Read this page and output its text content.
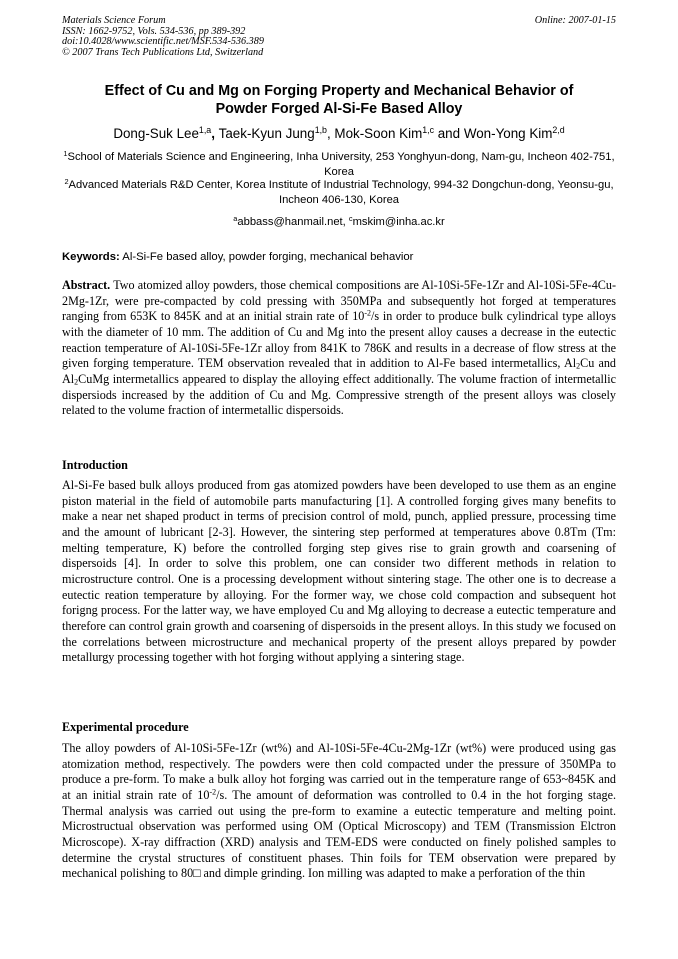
Materials Science Forum
ISSN: 1662-9752, Vols. 534-536, pp 389-392
doi:10.4028/www.scientific.net/MSF.534-536.389
© 2007 Trans Tech Publications Ltd, Switzerland
Online: 2007-01-15
Effect of Cu and Mg on Forging Property and Mechanical Behavior of
Powder Forged Al-Si-Fe Based Alloy
Dong-Suk Lee$^{1,a}$, Taek-Kyun Jung$^{1,b}$, Mok-Soon Kim$^{1,c}$ and Won-Yong Kim$^{2,d}$
$^1$School of Materials Science and Engineering, Inha University, 253 Yonghyun-dong, Nam-gu, Incheon 402-751, Korea
$^2$Advanced Materials R&D Center, Korea Institute of Industrial Technology, 994-32 Dongchun-dong, Yeonsu-gu, Incheon 406-130, Korea
$^a$abbass@hanmail.net, $^c$mskim@inha.ac.kr
Keywords: Al-Si-Fe based alloy, powder forging, mechanical behavior
Abstract. Two atomized alloy powders, those chemical compositions are Al-10Si-5Fe-1Zr and Al-10Si-5Fe-4Cu-2Mg-1Zr, were pre-compacted by cold pressing with 350MPa and subsequently hot forged at temperatures ranging from 653K to 845K and at an initial strain rate of $10^{-2}/s$ in order to produce bulk cylindrical type alloys with the diameter of 10 mm. The addition of Cu and Mg into the present alloy causes a decrease in the eutectic reaction temperature of Al-10Si-5Fe-1Zr alloy from 841K to 786K and results in a decrease of flow stress at the given forging temperature. TEM observation revealed that in addition to Al-Fe based intermetallics, $Al_2Cu$ and $Al_2CuMg$ intermetallics appeared to display the alloying effect additionally. The volume fraction of intermetallic dispersiods increased by the addition of Cu and Mg. Compressive strength of the present alloys was closely related to the volume fraction of intermetallic dispersoids.
Introduction
Al-Si-Fe based bulk alloys produced from gas atomized powders have been developed to use them as an engine piston material in the field of automobile parts manufacturing [1]. A controlled forging gives many benefits to make a near net shaped product in terms of precision control of mold, punch, applied pressure, processing time and the amount of lubricant [2-3]. However, the sintering step performed at temperatures above 0.8Tm (Tm: melting temperature, K) before the controlled forging step gives rise to grain growth and coarsening of dispersoids [4]. In order to solve this problem, one can consider two different methods in relation to microstructure control. One is a processing development without sintering stage. The other one is to decrease a eutectic reation temperature by alloying. For the former way, we chose cold compaction and subsequent hot forigng process. For the latter way, we have employed Cu and Mg alloying to decrease a eutectic temperature and therefore can control grain growth and coarsening of dispersoids in the present alloys. In this study we focused on the correlations between microstructure and mechanical property of the present alloys prepared by powder metallurgy processing together with hot forging without applying a sintering stage.
Experimental procedure
The alloy powders of Al-10Si-5Fe-1Zr (wt%) and Al-10Si-5Fe-4Cu-2Mg-1Zr (wt%) were produced using gas atomization method, respectively. The powders were then cold compacted under the pressure of 350MPa to produce a pre-form. To make a bulk alloy hot forging was carried out in the temperature range of 653~845K and at an initial strain rate of $10^{-2}/s$. The amount of deformation was controlled to 0.4 in the hot forging stage. Thermal analysis was carried out using the pre-form to examine a eutectic temperature and melting point. Microstructual observation was performed using OM (Optical Microscopy) and TEM (Transmission Elctron Microscope). X-ray diffraction (XRD) analysis and TEM-EDS were conducted on finely polished samples to determine the crystal structures of constituent phases. Thin foils for TEM observation were prepared by mechanical polishing to 80□ and dimple grinding. Ion milling was adapted to make a perforation of the thin
